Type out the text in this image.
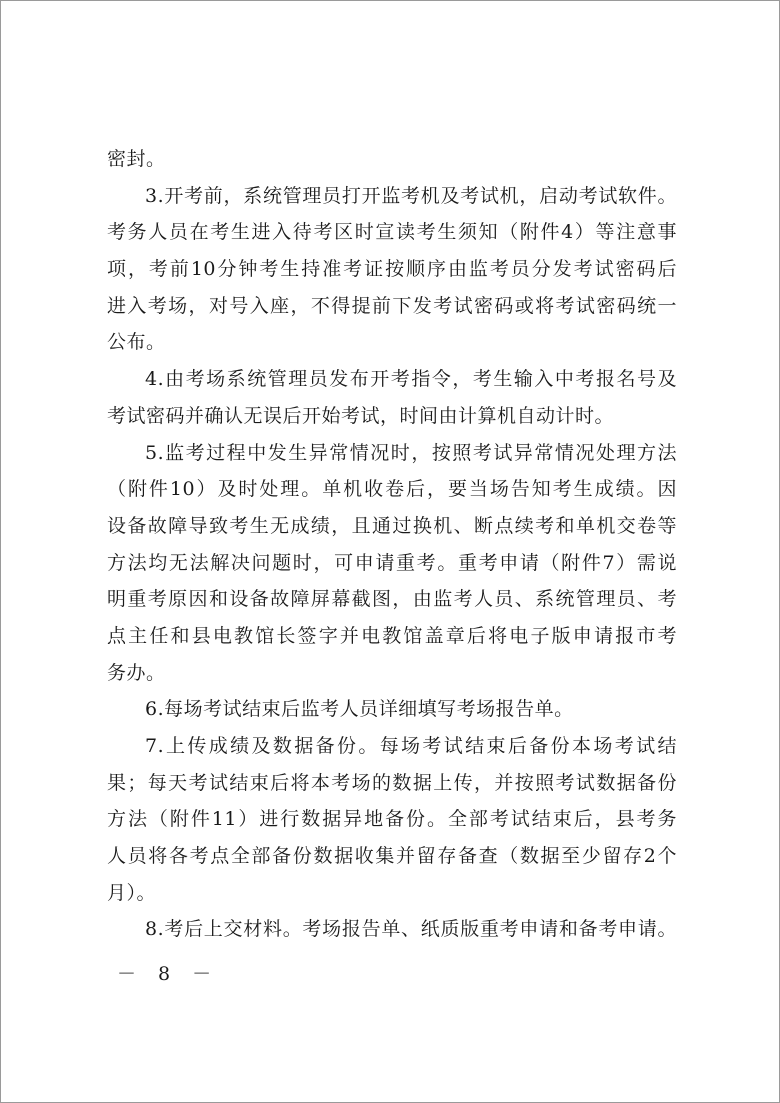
密封。
3.开考前，系统管理员打开监考机及考试机，启动考试软件。
考务人员在考生进入待考区时宣读考生须知（附件4）等注意事
项，考前10分钟考生持准考证按顺序由监考员分发考试密码后
进入考场，对号入座，不得提前下发考试密码或将考试密码统一
公布。
4.由考场系统管理员发布开考指令，考生输入中考报名号及
考试密码并确认无误后开始考试，时间由计算机自动计时。
5.监考过程中发生异常情况时，按照考试异常情况处理方法
（附件10）及时处理。单机收卷后，要当场告知考生成绩。因
设备故障导致考生无成绩，且通过换机、断点续考和单机交卷等
方法均无法解决问题时，可申请重考。重考申请（附件7）需说
明重考原因和设备故障屏幕截图，由监考人员、系统管理员、考
点主任和县电教馆长签字并电教馆盖章后将电子版申请报市考
务办。
6.每场考试结束后监考人员详细填写考场报告单。
7.上传成绩及数据备份。每场考试结束后备份本场考试结
果；每天考试结束后将本考场的数据上传，并按照考试数据备份
方法（附件11）进行数据异地备份。全部考试结束后，县考务
人员将各考点全部备份数据收集并留存备查（数据至少留存2个
月）。
8.考后上交材料。考场报告单、纸质版重考申请和备考申请。
－ 8 －
